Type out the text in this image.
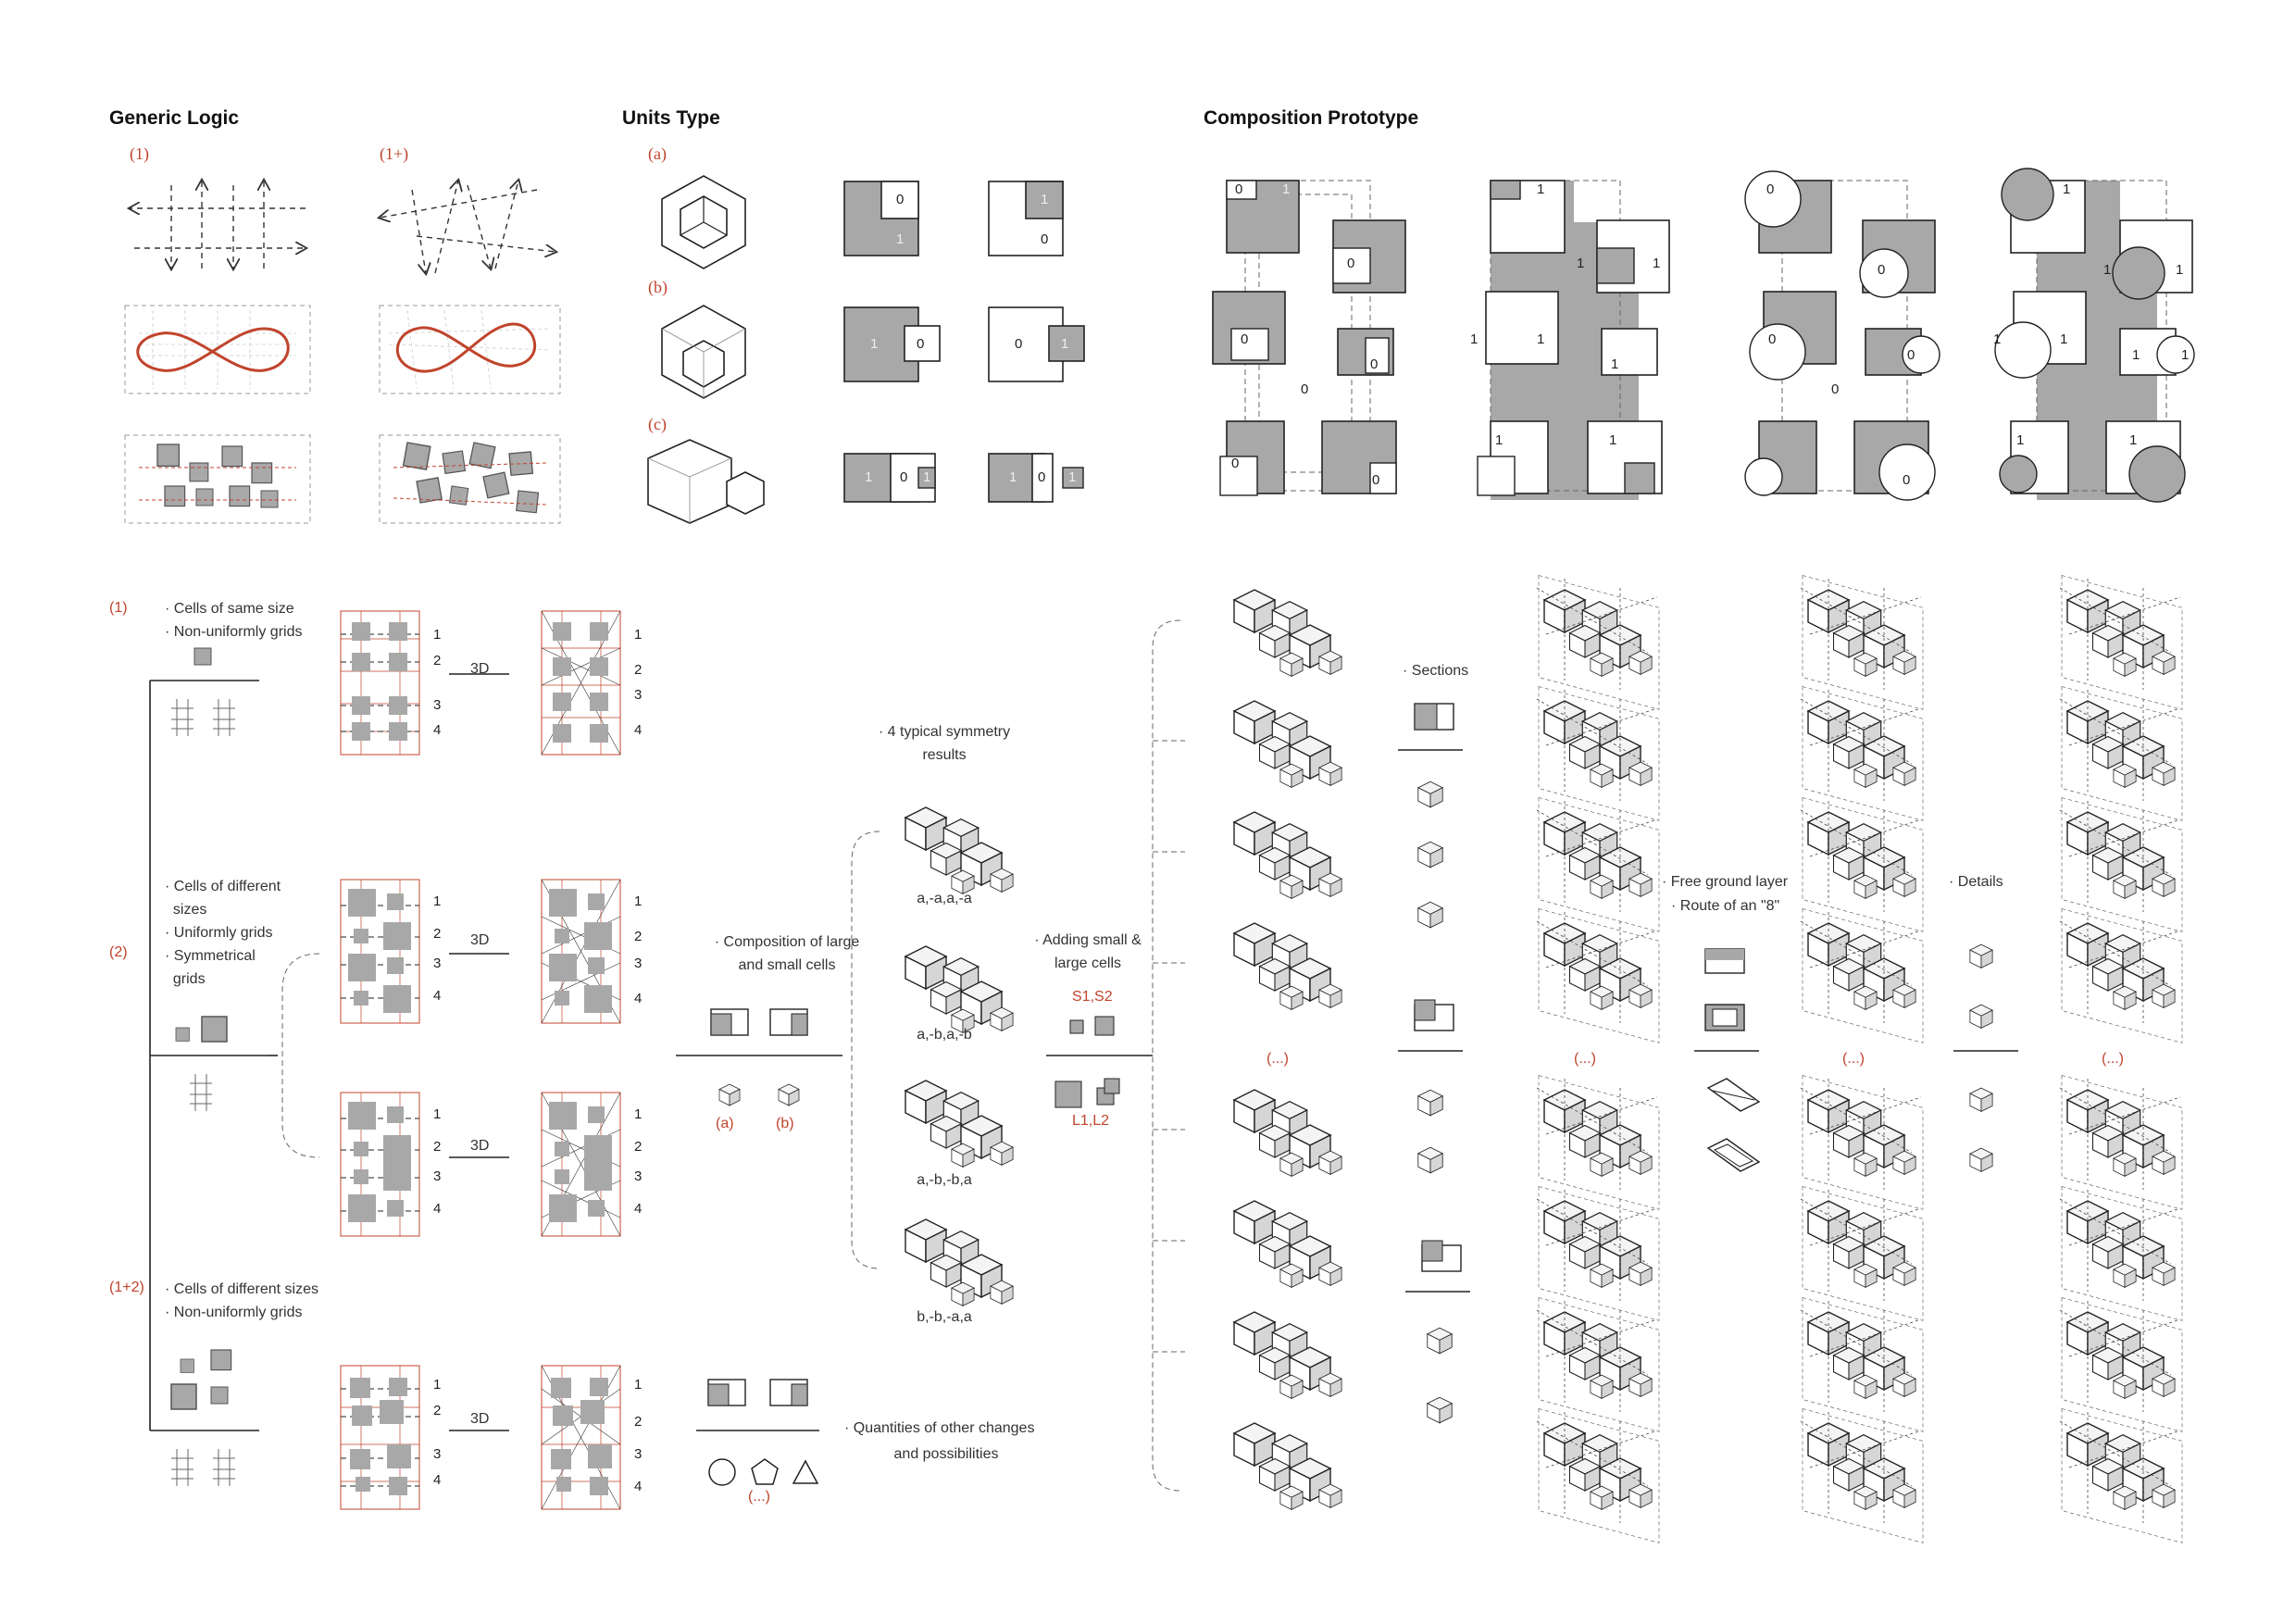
Generic Logic	Units Type	Composition Prototype
(1)	(1+)	(a)
(b)
(c)
0
1
1
0
1	0	0	1
1 0 1	1 0 1
0	1
0
0
0
0
0
0
1
1	1
1	1
1
1	1
0
0
0
0
0
0
1
1	1
1	1
1	1
1	1
(1)	· Cells of same size
· Non-uniformly grids
(2)
· Cells of different
sizes
· Uniformly grids
· Symmetrical
grids
(1+2) · Cells of different sizes
· Non-uniformly grids
1
2
3
4
1
2
3
4
3D
1
2
3
4
1
2
3
4
3D
1
2
3
4
1
2
3
4
3D
1
2
3
4
1
2
3
4
3D
· Composition of large
and small cells
(a)	(b)
· 4 typical symmetry
results
a,-a,a,-a
a,-b,a,-b
a,-b,-b,a
b,-b,-a,a
· Adding small &
large cells
S1,S2
L1,L2
· Quantities of other changes
and possibilities
(...)
· Sections
· Free ground layer
· Route of an "8"
· Details
(...)	(...)	(...)	(...)
